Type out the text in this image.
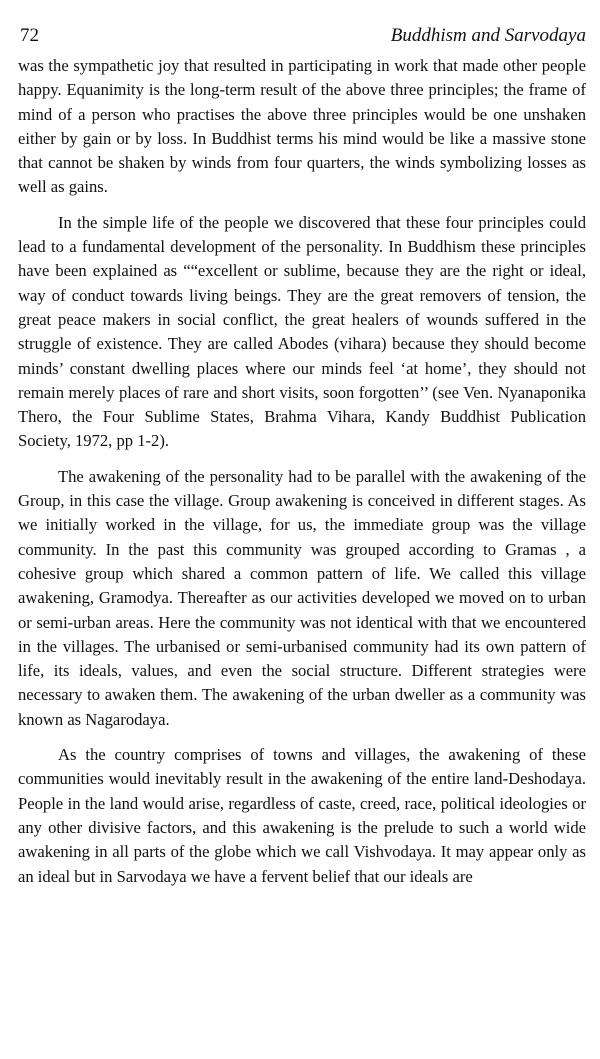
72	Buddhism and Sarvodaya

was the sympathetic joy that resulted in participating in work that made other people happy. Equanimity is the long-term result of the above three principles; the frame of mind of a person who practises the above three principles would be one unshaken either by gain or by loss. In Buddhist terms his mind would be like a massive stone that cannot be shaken by winds from four quarters, the winds symbolizing losses as well as gains.

In the simple life of the people we discovered that these four principles could lead to a fundamental development of the personality. In Buddhism these principles have been explained as ““excellent or sublime, because they are the right or ideal, way of conduct towards living beings. They are the great removers of tension, the great peace makers in social conflict, the great healers of wounds suffered in the struggle of existence. They are called Abodes (vihara) because they should become minds’ constant dwelling places where our minds feel ‘at home’, they should not remain merely places of rare and short visits, soon forgotten’’ (see Ven. Nyanaponika Thero, the Four Sublime States, Brahma Vihara, Kandy Buddhist Publication Society, 1972, pp 1-2).

The awakening of the personality had to be parallel with the awakening of the Group, in this case the village. Group awakening is conceived in different stages. As we initially worked in the village, for us, the immediate group was the village community. In the past this community was grouped according to Gramas , a cohesive group which shared a common pattern of life. We called this village awakening, Gramodya. Thereafter as our activities developed we moved on to urban or semi-urban areas. Here the community was not identical with that we encountered in the villages. The urbanised or semi-urbanised community had its own pattern of life, its ideals, values, and even the social structure. Different strategies were necessary to awaken them. The awakening of the urban dweller as a community was known as Nagarodaya.

As the country comprises of towns and villages, the awakening of these communities would inevitably result in the awakening of the entire land-Deshodaya. People in the land would arise, regardless of caste, creed, race, political ideologies or any other divisive factors, and this awakening is the prelude to such a world wide awakening in all parts of the globe which we call Vishvodaya. It may appear only as an ideal but in Sarvodaya we have a fervent belief that our ideals are
